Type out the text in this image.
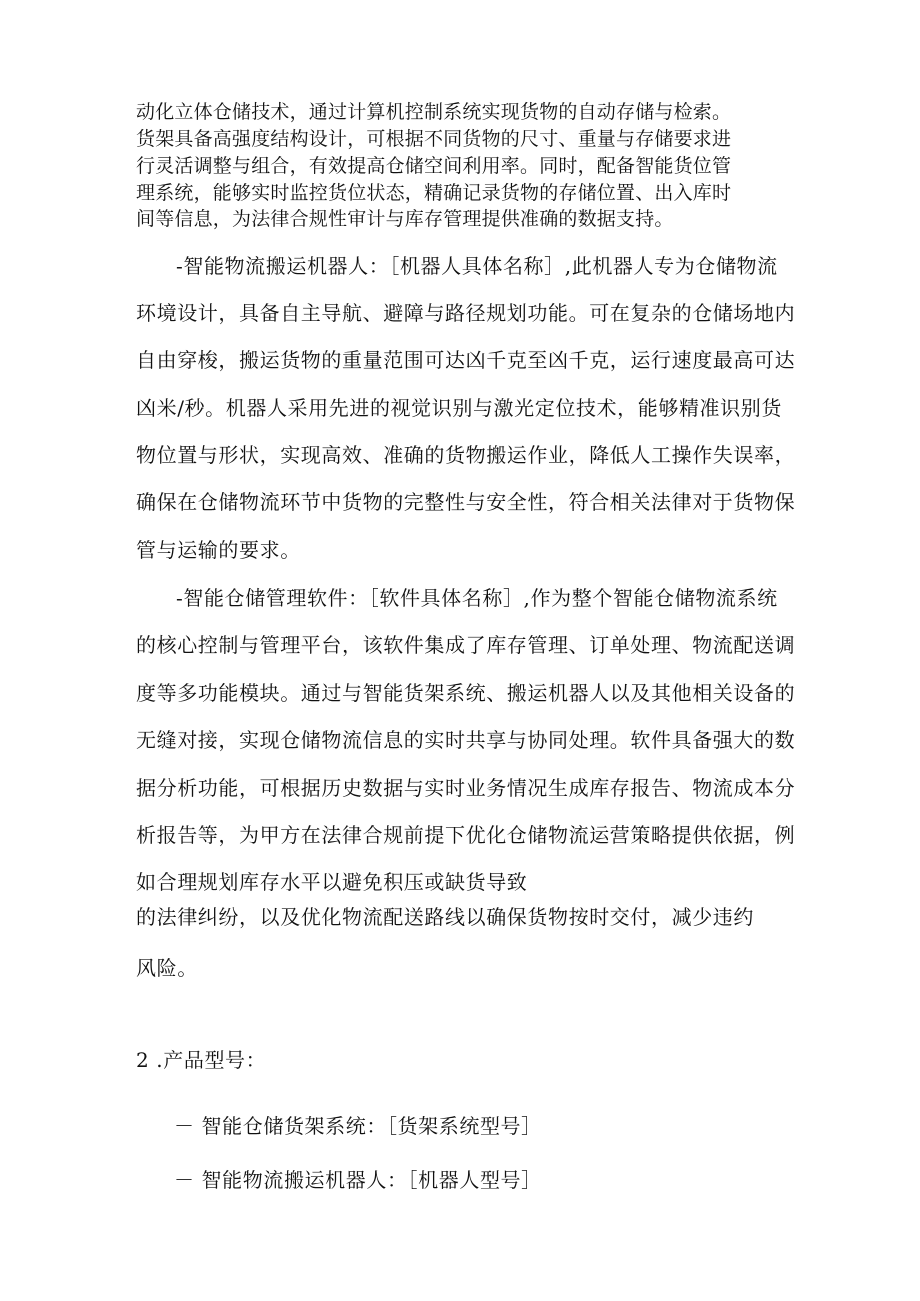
动化立体仓储技术，通过计算机控制系统实现货物的自动存储与检索。
货架具备高强度结构设计，可根据不同货物的尺寸、重量与存储要求进
行灵活调整与组合，有效提高仓储空间利用率。同时，配备智能货位管
理系统，能够实时监控货位状态，精确记录货物的存储位置、出入库时
间等信息，为法律合规性审计与库存管理提供准确的数据支持。
-智能物流搬运机器人：［机器人具体名称］,此机器人专为仓储物流
环境设计，具备自主导航、避障与路径规划功能。可在复杂的仓储场地内
自由穿梭，搬运货物的重量范围可达凶千克至凶千克，运行速度最高可达
凶米/秒。机器人采用先进的视觉识别与激光定位技术，能够精准识别货
物位置与形状，实现高效、准确的货物搬运作业，降低人工操作失误率，
确保在仓储物流环节中货物的完整性与安全性，符合相关法律对于货物保
管与运输的要求。
-智能仓储管理软件：［软件具体名称］,作为整个智能仓储物流系统
的核心控制与管理平台，该软件集成了库存管理、订单处理、物流配送调
度等多功能模块。通过与智能货架系统、搬运机器人以及其他相关设备的
无缝对接，实现仓储物流信息的实时共享与协同处理。软件具备强大的数
据分析功能，可根据历史数据与实时业务情况生成库存报告、物流成本分
析报告等，为甲方在法律合规前提下优化仓储物流运营策略提供依据，例
如合理规划库存水平以避免积压或缺货导致
的法律纠纷，以及优化物流配送路线以确保货物按时交付，减少违约
风险。
2 .产品型号：
－ 智能仓储货架系统：［货架系统型号］
－ 智能物流搬运机器人：［机器人型号］
